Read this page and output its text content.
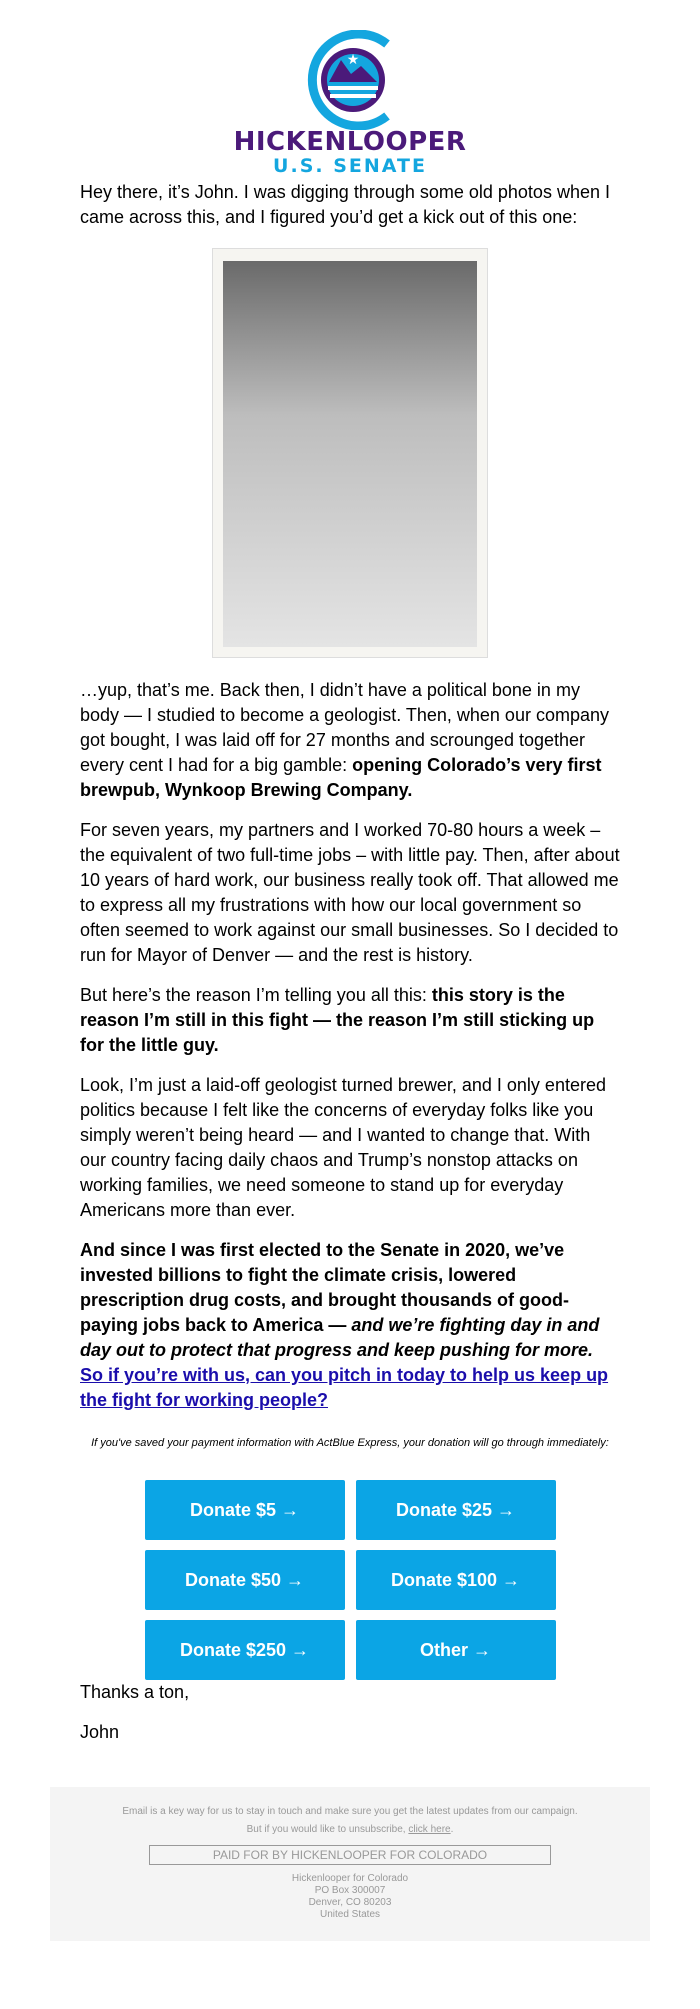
★
HICKENLOOPER
U.S. SENATE

Hey there, it’s John. I was digging through some old photos when I came across this, and I figured you’d get a kick out of this one:

…yup, that’s me. Back then, I didn’t have a political bone in my body — I studied to become a geologist. Then, when our company got bought, I was laid off for 27 months and scrounged together every cent I had for a big gamble: opening Colorado’s very first brewpub, Wynkoop Brewing Company.

For seven years, my partners and I worked 70-80 hours a week – the equivalent of two full-time jobs – with little pay. Then, after about 10 years of hard work, our business really took off. That allowed me to express all my frustrations with how our local government so often seemed to work against our small businesses. So I decided to run for Mayor of Denver — and the rest is history.

But here’s the reason I’m telling you all this: this story is the reason I’m still in this fight — the reason I’m still sticking up for the little guy.

Look, I’m just a laid-off geologist turned brewer, and I only entered politics because I felt like the concerns of everyday folks like you simply weren’t being heard — and I wanted to change that. With our country facing daily chaos and Trump’s nonstop attacks on working families, we need someone to stand up for everyday Americans more than ever.

And since I was first elected to the Senate in 2020, we’ve invested billions to fight the climate crisis, lowered prescription drug costs, and brought thousands of good-paying jobs back to America — and we’re fighting day in and day out to protect that progress and keep pushing for more. So if you’re with us, can you pitch in today to help us keep up the fight for working people?

If you've saved your payment information with ActBlue Express, your donation will go through immediately:
Donate $5 →	Donate $25 →
Donate $50 →	Donate $100 →
Donate $250 →	Other →

Thanks a ton,

John

Email is a key way for us to stay in touch and make sure you get the latest updates from our campaign.
But if you would like to unsubscribe, click here.
PAID FOR BY HICKENLOOPER FOR COLORADO
Hickenlooper for Colorado
PO Box 300007
Denver, CO 80203
United States
